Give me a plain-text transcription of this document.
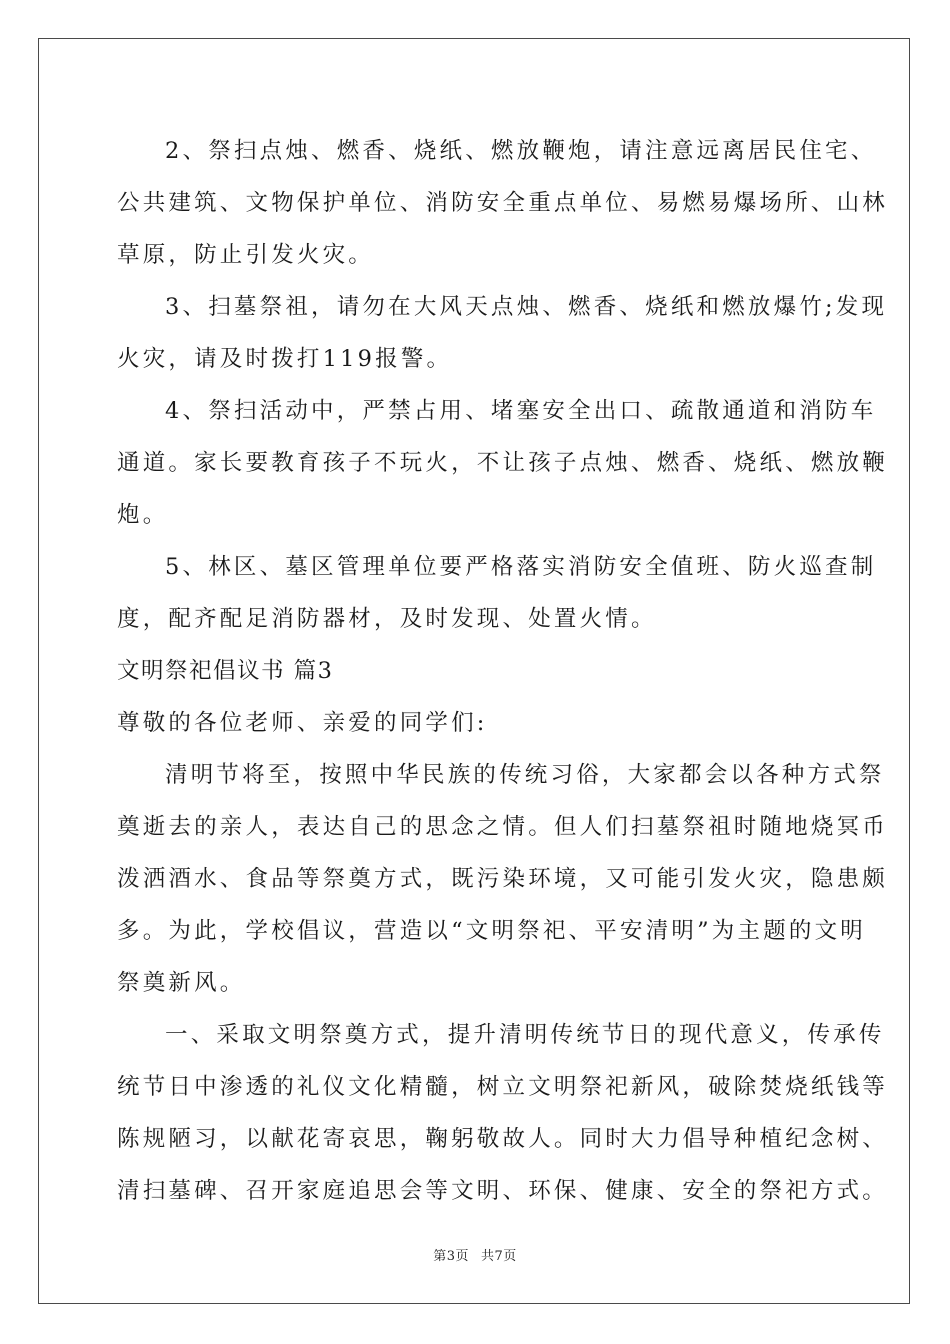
2、祭扫点烛、燃香、烧纸、燃放鞭炮，请注意远离居民住宅、
公共建筑、文物保护单位、消防安全重点单位、易燃易爆场所、山林
草原，防止引发火灾。
3、扫墓祭祖，请勿在大风天点烛、燃香、烧纸和燃放爆竹;发现
火灾，请及时拨打119报警。
4、祭扫活动中，严禁占用、堵塞安全出口、疏散通道和消防车
通道。家长要教育孩子不玩火，不让孩子点烛、燃香、烧纸、燃放鞭
炮。
5、林区、墓区管理单位要严格落实消防安全值班、防火巡查制
度，配齐配足消防器材，及时发现、处置火情。
文明祭祀倡议书 篇3
尊敬的各位老师、亲爱的同学们:
清明节将至，按照中华民族的传统习俗，大家都会以各种方式祭
奠逝去的亲人，表达自己的思念之情。但人们扫墓祭祖时随地烧冥币
泼洒酒水、食品等祭奠方式，既污染环境，又可能引发火灾，隐患颇
多。为此，学校倡议，营造以“文明祭祀、平安清明”为主题的文明
祭奠新风。
一、采取文明祭奠方式，提升清明传统节日的现代意义，传承传
统节日中渗透的礼仪文化精髓，树立文明祭祀新风，破除焚烧纸钱等
陈规陋习，以献花寄哀思，鞠躬敬故人。同时大力倡导种植纪念树、
清扫墓碑、召开家庭追思会等文明、环保、健康、安全的祭祀方式。
第3页 共7页
